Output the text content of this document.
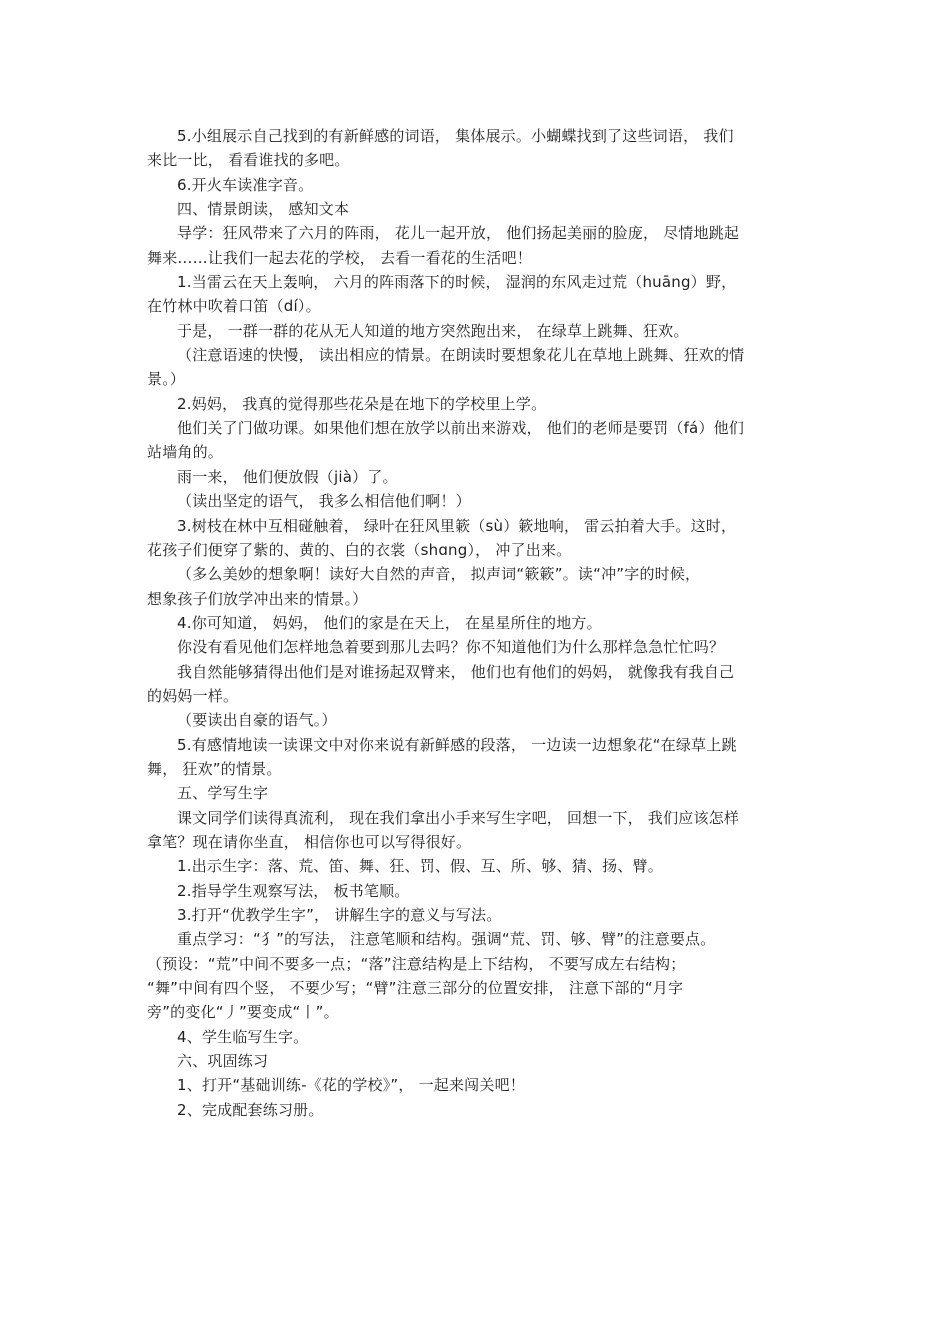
5.小组展示自己找到的有新鲜感的词语， 集体展示。小蝴蝶找到了这些词语， 我们
来比一比， 看看谁找的多吧。
6.开火车读准字音。
四、情景朗读， 感知文本
导学：狂风带来了六月的阵雨， 花儿一起开放， 他们扬起美丽的脸庞， 尽情地跳起
舞来……让我们一起去花的学校， 去看一看花的生活吧！
1.当雷云在天上轰响， 六月的阵雨落下的时候， 湿润的东风走过荒（huāng）野，
在竹林中吹着口笛（dí）。
于是， 一群一群的花从无人知道的地方突然跑出来， 在绿草上跳舞、狂欢。
（注意语速的快慢， 读出相应的情景。在朗读时要想象花儿在草地上跳舞、狂欢的情
景。）
2.妈妈， 我真的觉得那些花朵是在地下的学校里上学。
他们关了门做功课。如果他们想在放学以前出来游戏， 他们的老师是要罚（fá）他们
站墙角的。
雨一来， 他们便放假（jià）了。
（读出坚定的语气， 我多么相信他们啊！）
3.树枝在林中互相碰触着， 绿叶在狂风里簌（sù）簌地响， 雷云拍着大手。这时，
花孩子们便穿了紫的、黄的、白的衣裳（shɑng）， 冲了出来。
（多么美妙的想象啊！读好大自然的声音， 拟声词“簌簌”。读“冲”字的时候，
想象孩子们放学冲出来的情景。）
4.你可知道， 妈妈， 他们的家是在天上， 在星星所住的地方。
你没有看见他们怎样地急着要到那儿去吗？你不知道他们为什么那样急急忙忙吗？
我自然能够猜得出他们是对谁扬起双臂来， 他们也有他们的妈妈， 就像我有我自己
的妈妈一样。
（要读出自豪的语气。）
5.有感情地读一读课文中对你来说有新鲜感的段落， 一边读一边想象花“在绿草上跳
舞， 狂欢”的情景。
五、学写生字
课文同学们读得真流利， 现在我们拿出小手来写生字吧， 回想一下， 我们应该怎样
拿笔？现在请你坐直， 相信你也可以写得很好。
1.出示生字：落、荒、笛、舞、狂、罚、假、互、所、够、猜、扬、臂。
2.指导学生观察写法， 板书笔顺。
3.打开“优教学生字”， 讲解生字的意义与写法。
重点学习：“犭”的写法， 注意笔顺和结构。强调“荒、罚、够、臂”的注意要点。
（预设：“荒”中间不要多一点；“落”注意结构是上下结构， 不要写成左右结构；
“舞”中间有四个竖， 不要少写；“臂”注意三部分的位置安排， 注意下部的“月字
旁”的变化“丿”要变成“丨”。
4、学生临写生字。
六、巩固练习
1、打开“基础训练-《花的学校》”， 一起来闯关吧！
2、完成配套练习册。
